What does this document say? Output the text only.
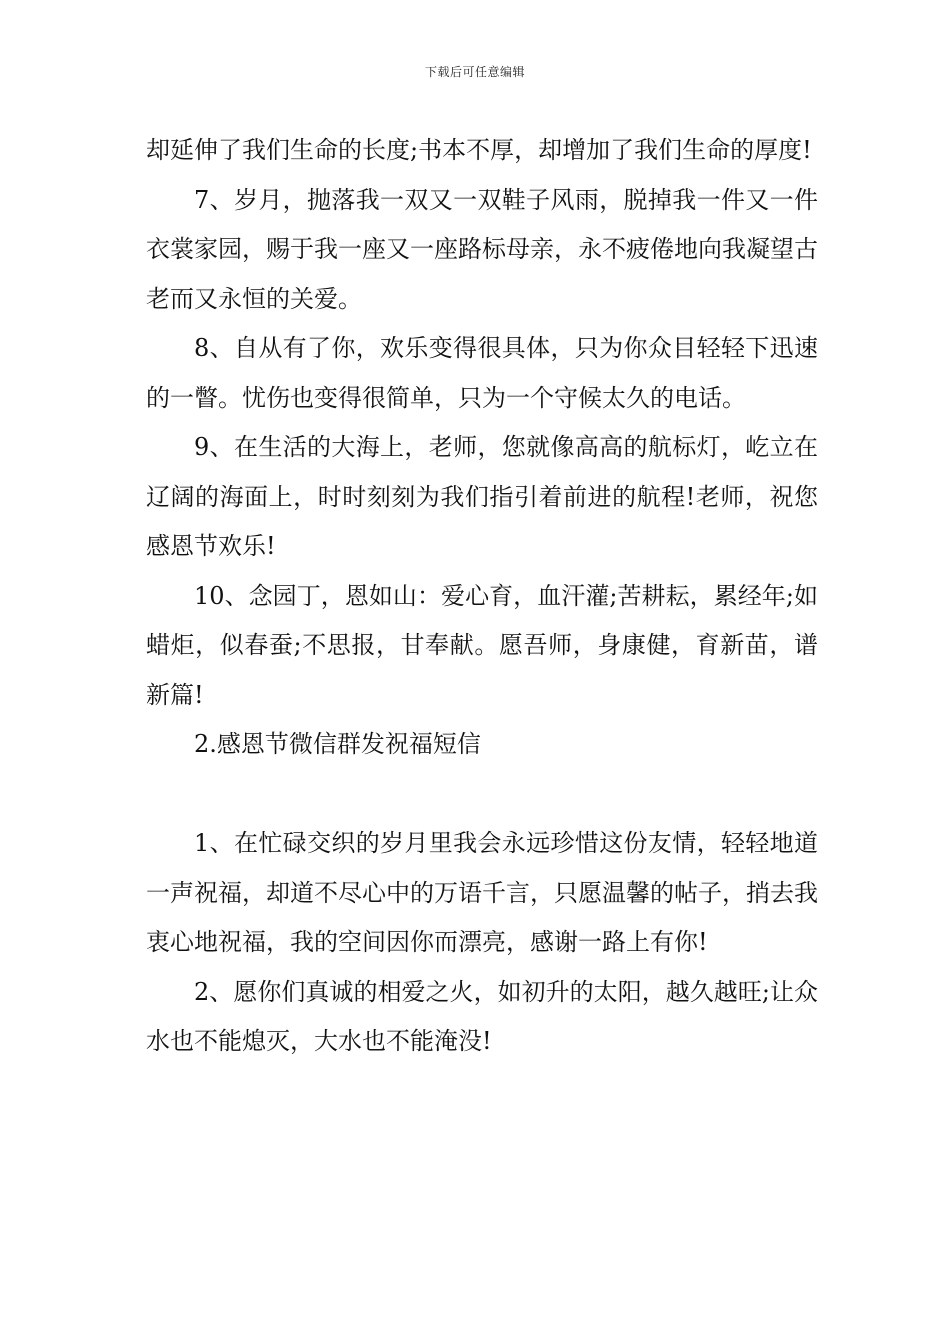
下载后可任意编辑

却延伸了我们生命的长度;书本不厚，却增加了我们生命的厚度!

7、岁月，抛落我一双又一双鞋子风雨，脱掉我一件又一件衣裳家园，赐于我一座又一座路标母亲，永不疲倦地向我凝望古老而又永恒的关爱。

8、自从有了你，欢乐变得很具体，只为你众目轻轻下迅速的一瞥。忧伤也变得很简单，只为一个守候太久的电话。

9、在生活的大海上，老师，您就像高高的航标灯，屹立在辽阔的海面上，时时刻刻为我们指引着前进的航程!老师，祝您感恩节欢乐!

10、念园丁，恩如山：爱心育，血汗灌;苦耕耘，累经年;如蜡炬，似春蚕;不思报，甘奉献。愿吾师，身康健，育新苗，谱新篇!

2.感恩节微信群发祝福短信

1、在忙碌交织的岁月里我会永远珍惜这份友情，轻轻地道一声祝福，却道不尽心中的万语千言，只愿温馨的帖子，捎去我衷心地祝福，我的空间因你而漂亮，感谢一路上有你!

2、愿你们真诚的相爱之火，如初升的太阳，越久越旺;让众水也不能熄灭，大水也不能淹没!
